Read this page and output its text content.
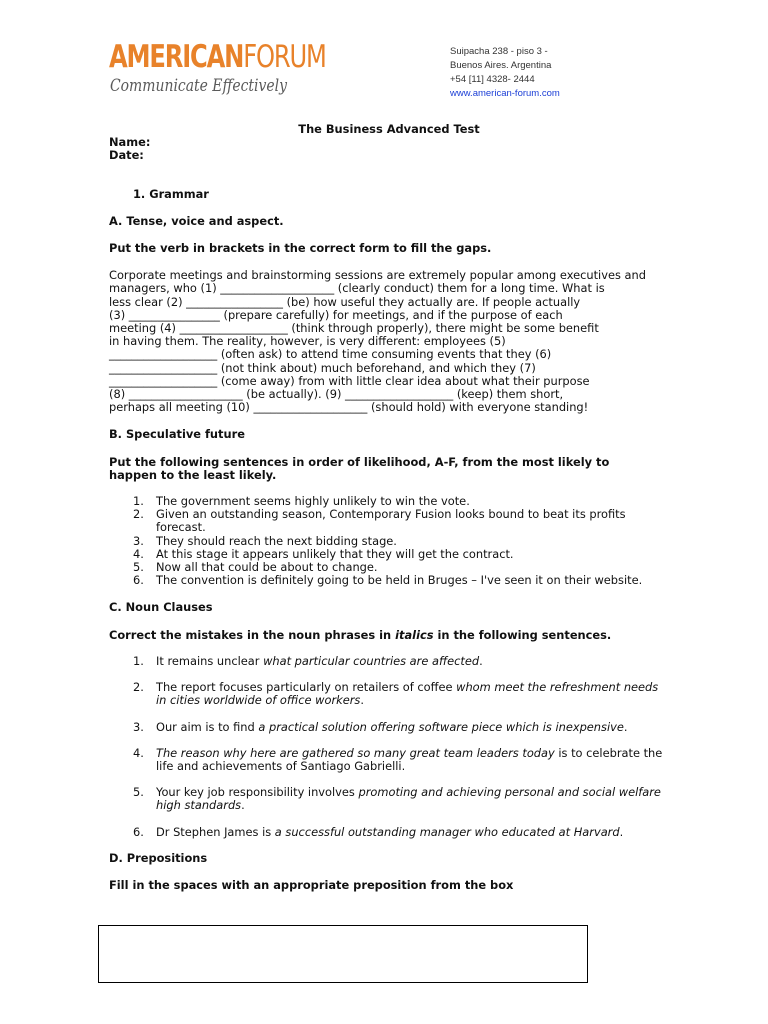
AMERICANFORUM
Communicate Effectively
Suipacha 238 - piso 3 -
Buenos Aires. Argentina
+54 [11] 4328- 2444
www.american-forum.com

The Business Advanced Test

Name:

Date:

1. Grammar

A. Tense, voice and aspect.

Put the verb in brackets in the correct form to fill the gaps.

Corporate meetings and brainstorming sessions are extremely popular among executives and

managers, who (1) ____________________ (clearly conduct) them for a long time. What is

less clear (2) _________________ (be) how useful they actually are. If people actually

(3) ________________ (prepare carefully) for meetings, and if the purpose of each

meeting (4) ___________________ (think through properly), there might be some benefit

in having them. The reality, however, is very different: employees (5)

___________________ (often ask) to attend time consuming events that they (6)

___________________ (not think about) much beforehand, and which they (7)

___________________ (come away) from with little clear idea about what their purpose

(8) ____________________ (be actually). (9) ___________________ (keep) them short,

perhaps all meeting (10) ____________________ (should hold) with everyone standing!

B. Speculative future

Put the following sentences in order of likelihood, A-F, from the most likely to

happen to the least likely.

1. The government seems highly unlikely to win the vote.
2. Given an outstanding season, Contemporary Fusion looks bound to beat its profits forecast.
3. They should reach the next bidding stage.
4. At this stage it appears unlikely that they will get the contract.
5. Now all that could be about to change.
6. The convention is definitely going to be held in Bruges – I've seen it on their website.

C. Noun Clauses

Correct the mistakes in the noun phrases in italics in the following sentences.

1. It remains unclear what particular countries are affected.
2. The report focuses particularly on retailers of coffee whom meet the refreshment needs in cities worldwide of office workers.
3. Our aim is to find a practical solution offering software piece which is inexpensive.
4. The reason why here are gathered so many great team leaders today is to celebrate the life and achievements of Santiago Gabrielli.
5. Your key job responsibility involves promoting and achieving personal and social welfare high standards.
6. Dr Stephen James is a successful outstanding manager who educated at Harvard.

D. Prepositions

Fill in the spaces with an appropriate preposition from the box
